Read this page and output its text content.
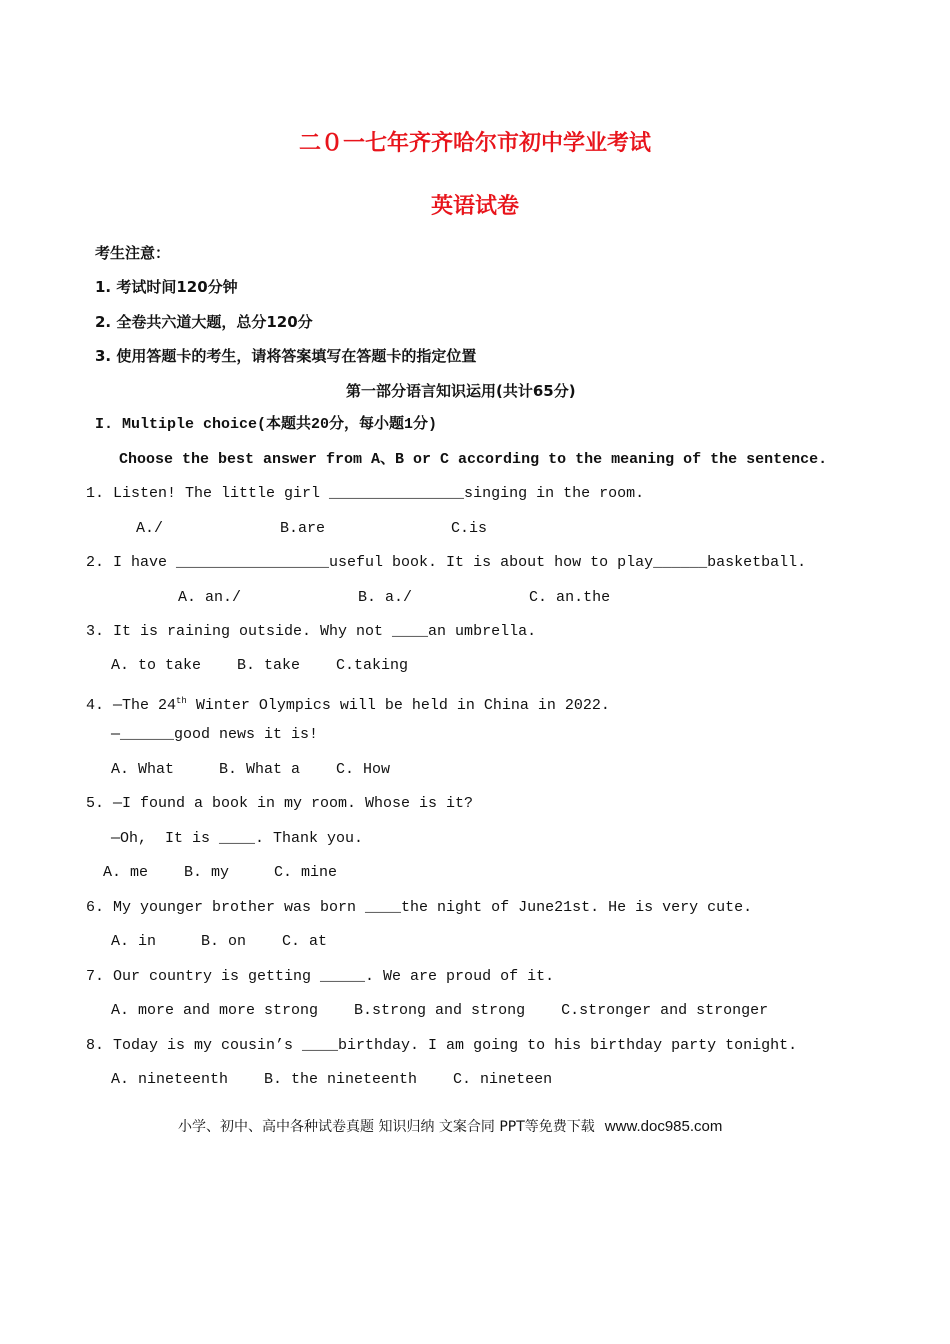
二０一七年齐齐哈尔市初中学业考试
英语试卷
考生注意：
1. 考试时间120分钟
2. 全卷共六道大题，总分120分
3. 使用答题卡的考生，请将答案填写在答题卡的指定位置
第一部分语言知识运用(共计65分)
I. Multiple choice(本题共20分，每小题1分)
Choose the best answer from A、B or C according to the meaning of the sentence.
1. Listen! The little girl _______________singing in the room.
A./             B.are              C.is
2. I have _________________useful book. It is about how to play______basketball.
A. an./             B. a./             C. an.the
3. It is raining outside. Why not ____an umbrella.
A. to take    B. take    C.taking
4. —The 24th Winter Olympics will be held in China in 2022.
—______good news it is!
A. What     B. What a    C. How
5. —I found a book in my room. Whose is it?
—Oh,  It is ____. Thank you.
A. me    B. my     C. mine
6. My younger brother was born ____the night of June21st. He is very cute.
A. in     B. on    C. at
7. Our country is getting _____. We are proud of it.
A. more and more strong    B.strong and strong    C.stronger and stronger
8. Today is my cousin’s ____birthday. I am going to his birthday party tonight.
A. nineteenth    B. the nineteenth    C. nineteen
小学、初中、高中各种试卷真题 知识归纳 文案合同 PPT等免费下载 www.doc985.com
